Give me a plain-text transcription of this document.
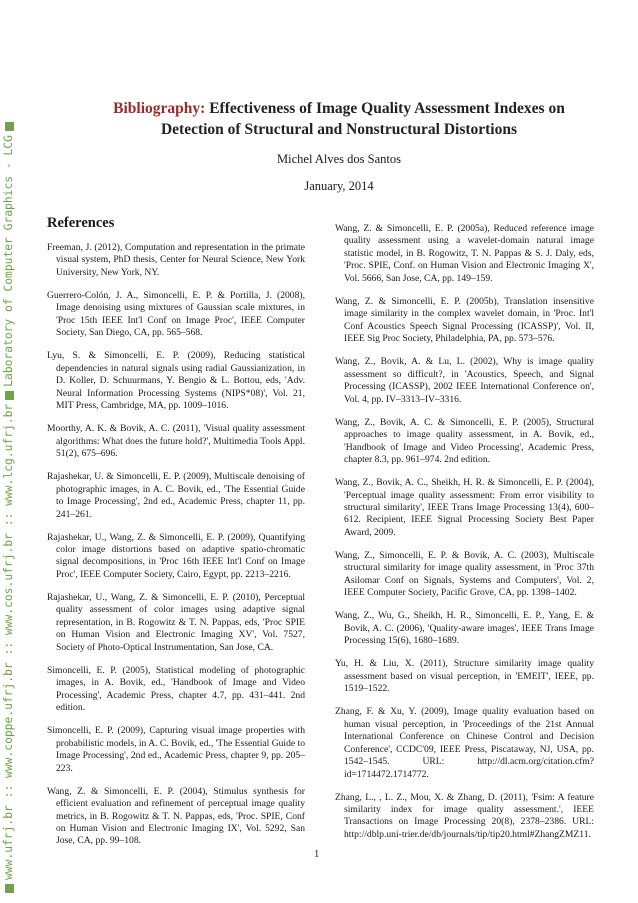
www.ufrj.br

::

www.coppe.ufrj.br

::

www.cos.ufrj.br

::

www.lcg.ufrj.br
Laboratory of Computer Graphics - LCG
Bibliography: Effectiveness of Image Quality Assessment Indexes on
Detection of Structural and Nonstructural Distortions
Michel Alves dos Santos
January, 2014
References
Freeman, J. (2012), Computation and representation in the primate visual system, PhD thesis, Center for Neural Science, New York University, New York, NY.
Guerrero-Colón, J. A., Simoncelli, E. P. & Portilla, J. (2008), Image denoising using mixtures of Gaussian scale mixtures, in 'Proc 15th IEEE Int'l Conf on Image Proc', IEEE Computer Society, San Diego, CA, pp. 565–568.
Lyu, S. & Simoncelli, E. P. (2009), Reducing statistical dependencies in natural signals using radial Gaussianization, in D. Koller, D. Schuurmans, Y. Bengio & L. Bottou, eds, 'Adv. Neural Information Processing Systems (NIPS*08)', Vol. 21, MIT Press, Cambridge, MA, pp. 1009–1016.
Moorthy, A. K. & Bovik, A. C. (2011), 'Visual quality assessment algorithms: What does the future hold?', Multimedia Tools Appl. 51(2), 675–696.
Rajashekar, U. & Simoncelli, E. P. (2009), Multiscale denoising of photographic images, in A. C. Bovik, ed., 'The Essential Guide to Image Processing', 2nd ed., Academic Press, chapter 11, pp. 241–261.
Rajashekar, U., Wang, Z. & Simoncelli, E. P. (2009), Quantifying color image distortions based on adaptive spatio-chromatic signal decompositions, in 'Proc 16th IEEE Int'l Conf on Image Proc', IEEE Computer Society, Cairo, Egypt, pp. 2213–2216.
Rajashekar, U., Wang, Z. & Simoncelli, E. P. (2010), Perceptual quality assessment of color images using adaptive signal representation, in B. Rogowitz & T. N. Pappas, eds, 'Proc SPIE on Human Vision and Electronic Imaging XV', Vol. 7527, Society of Photo-Optical Instrumentation, San Jose, CA.
Simoncelli, E. P. (2005), Statistical modeling of photographic images, in A. Bovik, ed., 'Handbook of Image and Video Processing', Academic Press, chapter 4.7, pp. 431–441. 2nd edition.
Simoncelli, E. P. (2009), Capturing visual image properties with probabilistic models, in A. C. Bovik, ed., 'The Essential Guide to Image Processing', 2nd ed., Academic Press, chapter 9, pp. 205–223.
Wang, Z. & Simoncelli, E. P. (2004), Stimulus synthesis for efficient evaluation and refinement of perceptual image quality metrics, in B. Rogowitz & T. N. Pappas, eds, 'Proc. SPIE, Conf on Human Vision and Electronic Imaging IX', Vol. 5292, San Jose, CA, pp. 99–108.
Wang, Z. & Simoncelli, E. P. (2005a), Reduced reference image quality assessment using a wavelet-domain natural image statistic model, in B. Rogowitz, T. N. Pappas & S. J. Daly, eds, 'Proc. SPIE, Conf. on Human Vision and Electronic Imaging X', Vol. 5666, San Jose, CA, pp. 149–159.
Wang, Z. & Simoncelli, E. P. (2005b), Translation insensitive image similarity in the complex wavelet domain, in 'Proc. Int'l Conf Acoustics Speech Signal Processing (ICASSP)', Vol. II, IEEE Sig Proc Society, Philadelphia, PA, pp. 573–576.
Wang, Z., Bovik, A. & Lu, L. (2002), Why is image quality assessment so difficult?, in 'Acoustics, Speech, and Signal Processing (ICASSP), 2002 IEEE International Conference on', Vol. 4, pp. IV–3313–IV–3316.
Wang, Z., Bovik, A. C. & Simoncelli, E. P. (2005), Structural approaches to image quality assessment, in A. Bovik, ed., 'Handbook of Image and Video Processing', Academic Press, chapter 8.3, pp. 961–974. 2nd edition.
Wang, Z., Bovik, A. C., Sheikh, H. R. & Simoncelli, E. P. (2004), 'Perceptual image quality assessment: From error visibility to structural similarity', IEEE Trans Image Processing 13(4), 600–612. Recipient, IEEE Signal Processing Society Best Paper Award, 2009.
Wang, Z., Simoncelli, E. P. & Bovik, A. C. (2003), Multiscale structural similarity for image quality assessment, in 'Proc 37th Asilomar Conf on Signals, Systems and Computers', Vol. 2, IEEE Computer Society, Pacific Grove, CA, pp. 1398–1402.
Wang, Z., Wu, G., Sheikh, H. R., Simoncelli, E. P., Yang, E. & Bovik, A. C. (2006), 'Quality-aware images', IEEE Trans Image Processing 15(6), 1680–1689.
Yu, H. & Liu, X. (2011), Structure similarity image quality assessment based on visual perception, in 'EMEIT', IEEE, pp. 1519–1522.
Zhang, F. & Xu, Y. (2009), Image quality evaluation based on human visual perception, in 'Proceedings of the 21st Annual International Conference on Chinese Control and Decision Conference', CCDC'09, IEEE Press, Piscataway, NJ, USA, pp. 1542–1545. URL: http://dl.acm.org/citation.cfm?id=1714472.1714772.
Zhang, L., , L. Z., Mou, X. & Zhang, D. (2011), 'Fsim: A feature similarity index for image quality assessment.', IEEE Transactions on Image Processing 20(8), 2378–2386. URL: http://dblp.uni-trier.de/db/journals/tip/tip20.html#ZhangZMZ11.
1
